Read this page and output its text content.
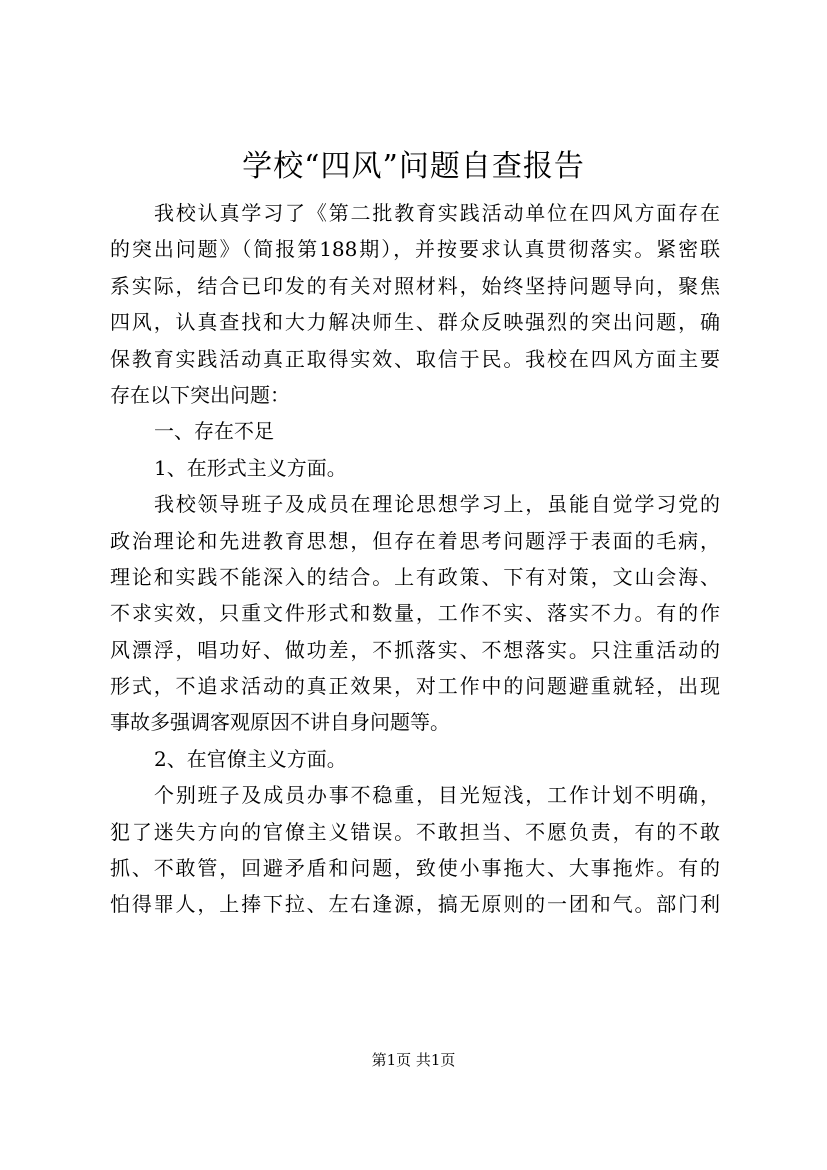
学校“四风”问题自查报告
我校认真学习了《第二批教育实践活动单位在四风方面存在
的突出问题》（简报第188期），并按要求认真贯彻落实。紧密联
系实际，结合已印发的有关对照材料，始终坚持问题导向，聚焦
四风，认真查找和大力解决师生、群众反映强烈的突出问题，确
保教育实践活动真正取得实效、取信于民。我校在四风方面主要
存在以下突出问题：
一、存在不足
1、在形式主义方面。
我校领导班子及成员在理论思想学习上，虽能自觉学习党的
政治理论和先进教育思想，但存在着思考问题浮于表面的毛病，
理论和实践不能深入的结合。上有政策、下有对策，文山会海、
不求实效，只重文件形式和数量，工作不实、落实不力。有的作
风漂浮，唱功好、做功差，不抓落实、不想落实。只注重活动的
形式，不追求活动的真正效果，对工作中的问题避重就轻，出现
事故多强调客观原因不讲自身问题等。
2、在官僚主义方面。
个别班子及成员办事不稳重，目光短浅，工作计划不明确，
犯了迷失方向的官僚主义错误。不敢担当、不愿负责，有的不敢
抓、不敢管，回避矛盾和问题，致使小事拖大、大事拖炸。有的
怕得罪人，上捧下拉、左右逢源，搞无原则的一团和气。部门利
第1页 共1页
